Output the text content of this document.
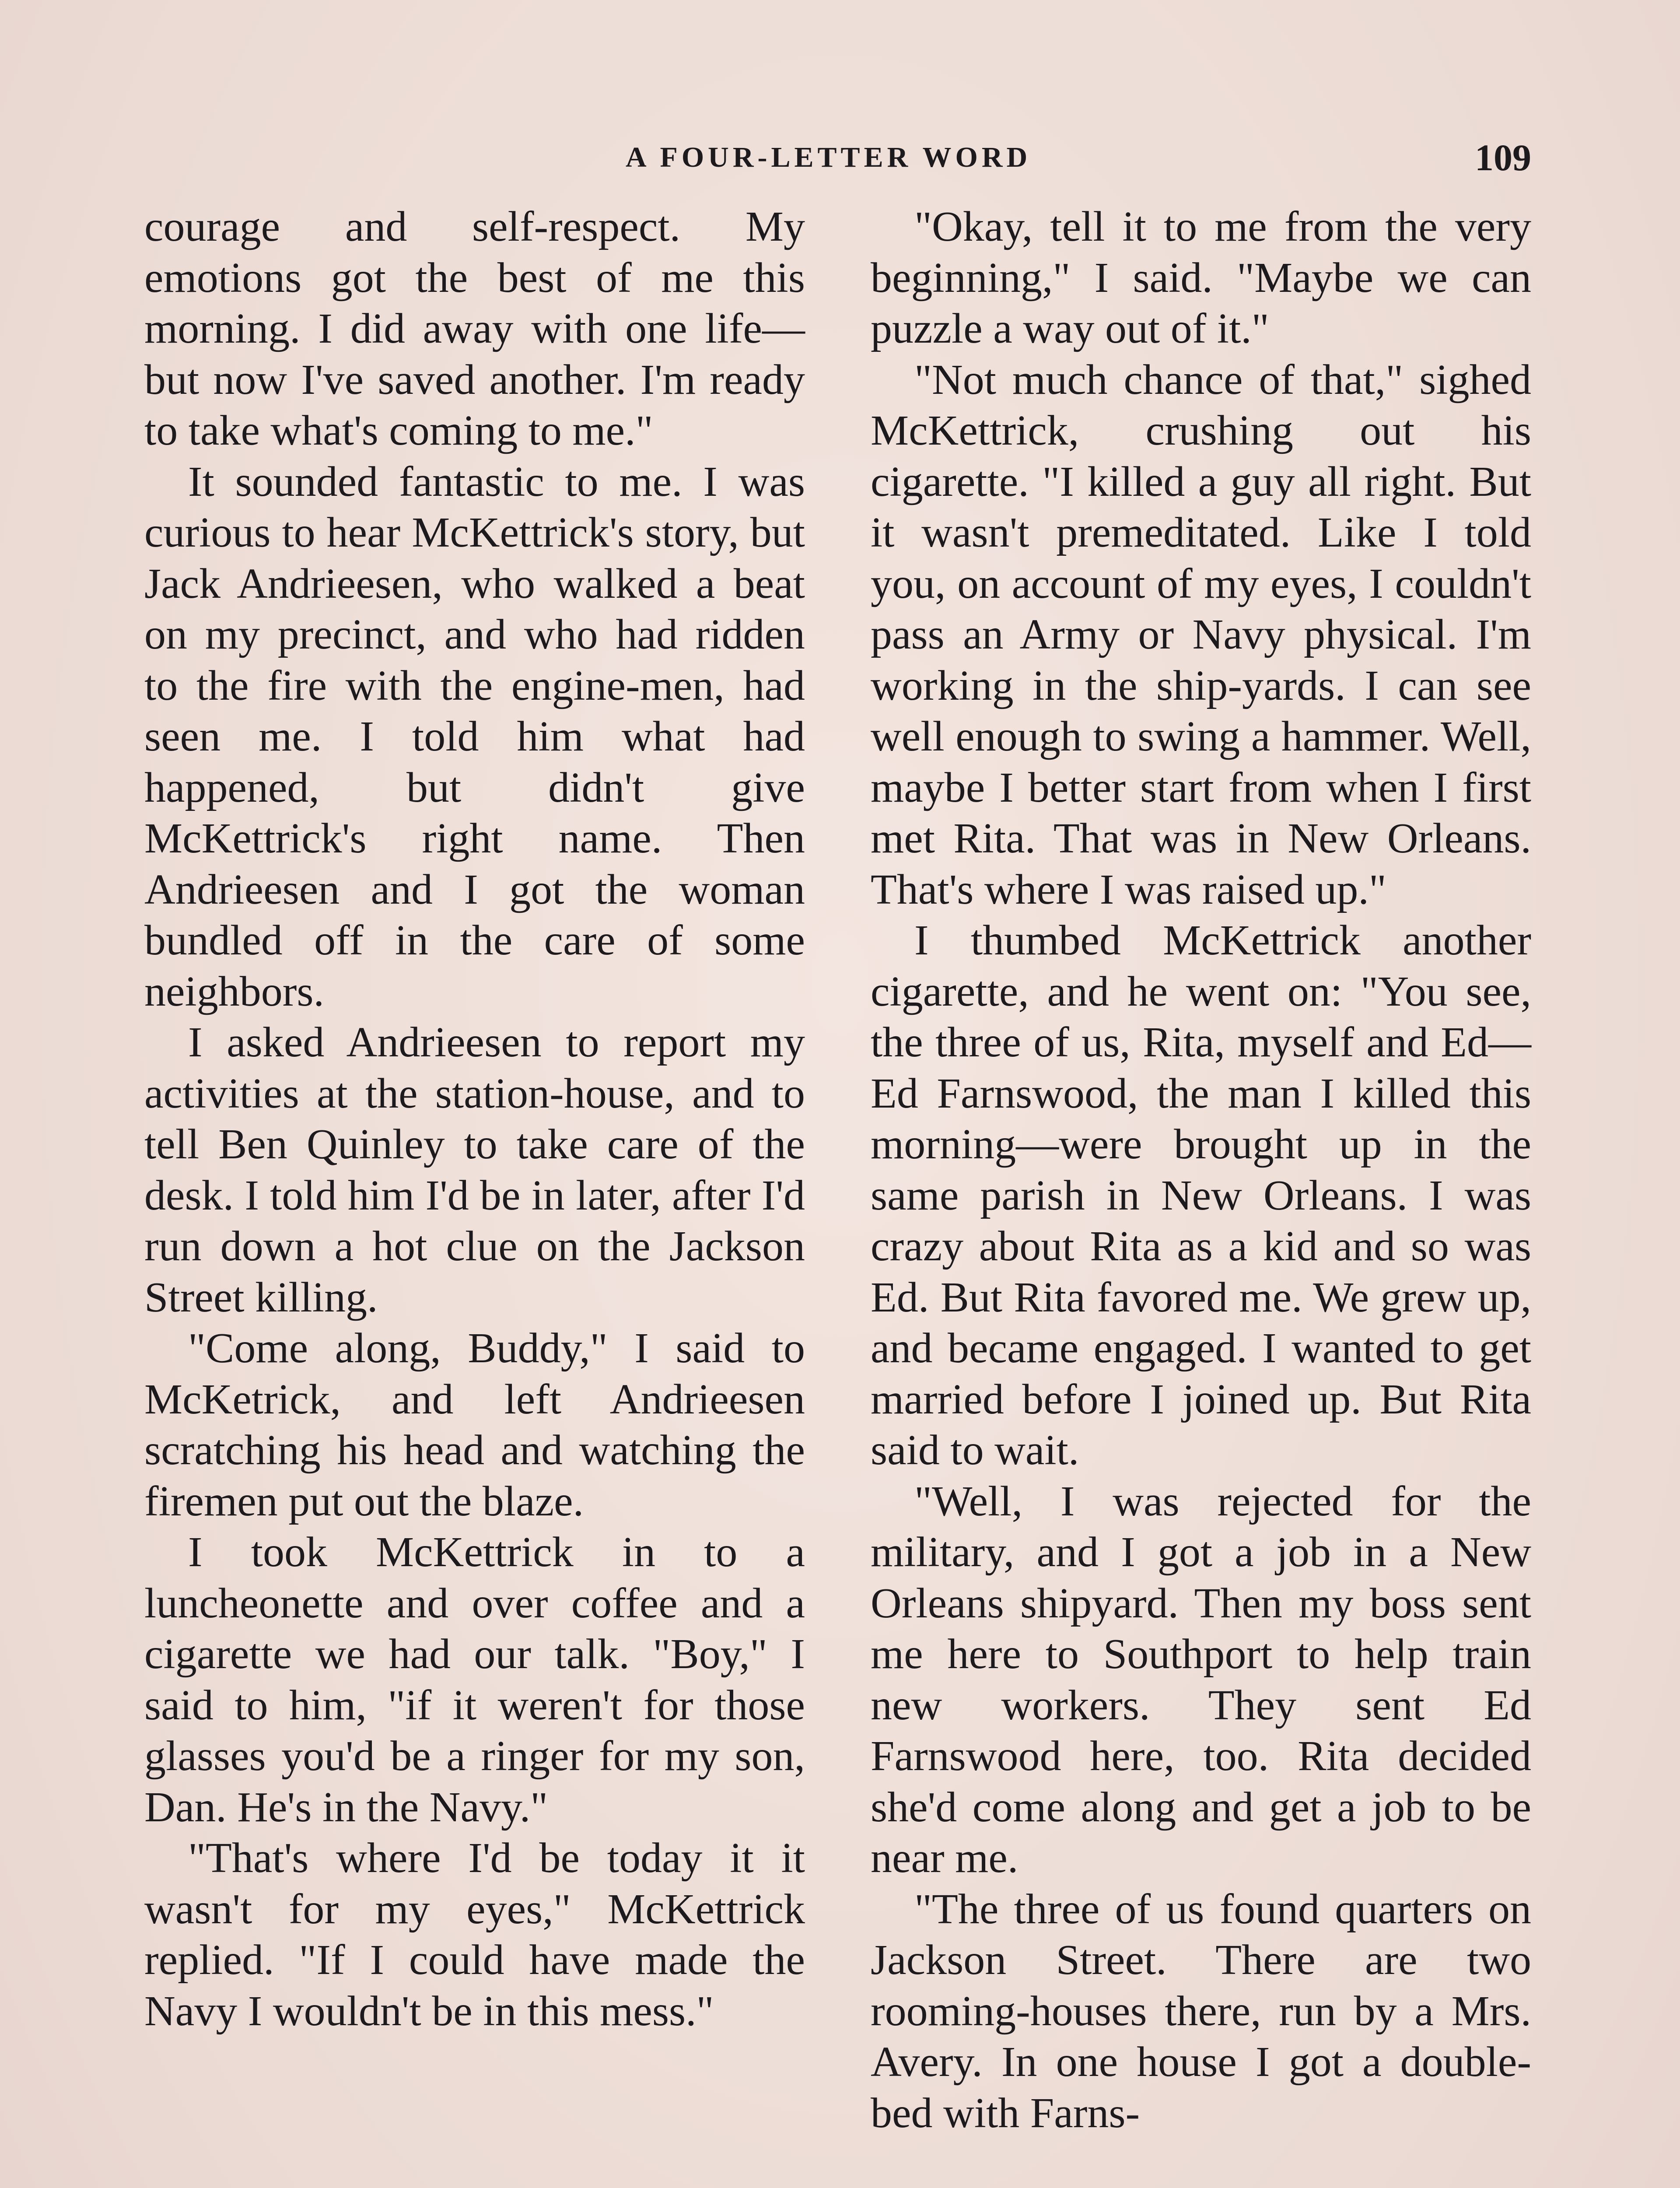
A FOUR-LETTER WORD	109

courage and self-respect. My emotions got the best of me this morning. I did away with one life—but now I've saved another. I'm ready to take what's coming to me."

It sounded fantastic to me. I was curious to hear McKettrick's story, but Jack Andrieesen, who walked a beat on my precinct, and who had ridden to the fire with the engine-men, had seen me. I told him what had happened, but didn't give McKettrick's right name. Then Andrieesen and I got the woman bundled off in the care of some neighbors.

I asked Andrieesen to report my activities at the station-house, and to tell Ben Quinley to take care of the desk. I told him I'd be in later, after I'd run down a hot clue on the Jackson Street killing.

"Come along, Buddy," I said to McKetrick, and left Andrieesen scratching his head and watching the firemen put out the blaze.

I took McKettrick in to a luncheonette and over coffee and a cigarette we had our talk. "Boy," I said to him, "if it weren't for those glasses you'd be a ringer for my son, Dan. He's in the Navy."

"That's where I'd be today it it wasn't for my eyes," McKettrick replied. "If I could have made the Navy I wouldn't be in this mess."

"Okay, tell it to me from the very beginning," I said. "Maybe we can puzzle a way out of it."

"Not much chance of that," sighed McKettrick, crushing out his cigarette. "I killed a guy all right. But it wasn't premeditated. Like I told you, on account of my eyes, I couldn't pass an Army or Navy physical. I'm working in the ship-yards. I can see well enough to swing a hammer. Well, maybe I better start from when I first met Rita. That was in New Orleans. That's where I was raised up."

I thumbed McKettrick another cigarette, and he went on: "You see, the three of us, Rita, myself and Ed—Ed Farnswood, the man I killed this morning—were brought up in the same parish in New Orleans. I was crazy about Rita as a kid and so was Ed. But Rita favored me. We grew up, and became engaged. I wanted to get married before I joined up. But Rita said to wait.

"Well, I was rejected for the military, and I got a job in a New Orleans shipyard. Then my boss sent me here to Southport to help train new workers. They sent Ed Farnswood here, too. Rita decided she'd come along and get a job to be near me.

"The three of us found quarters on Jackson Street. There are two rooming-houses there, run by a Mrs. Avery. In one house I got a double-bed with Farns-
